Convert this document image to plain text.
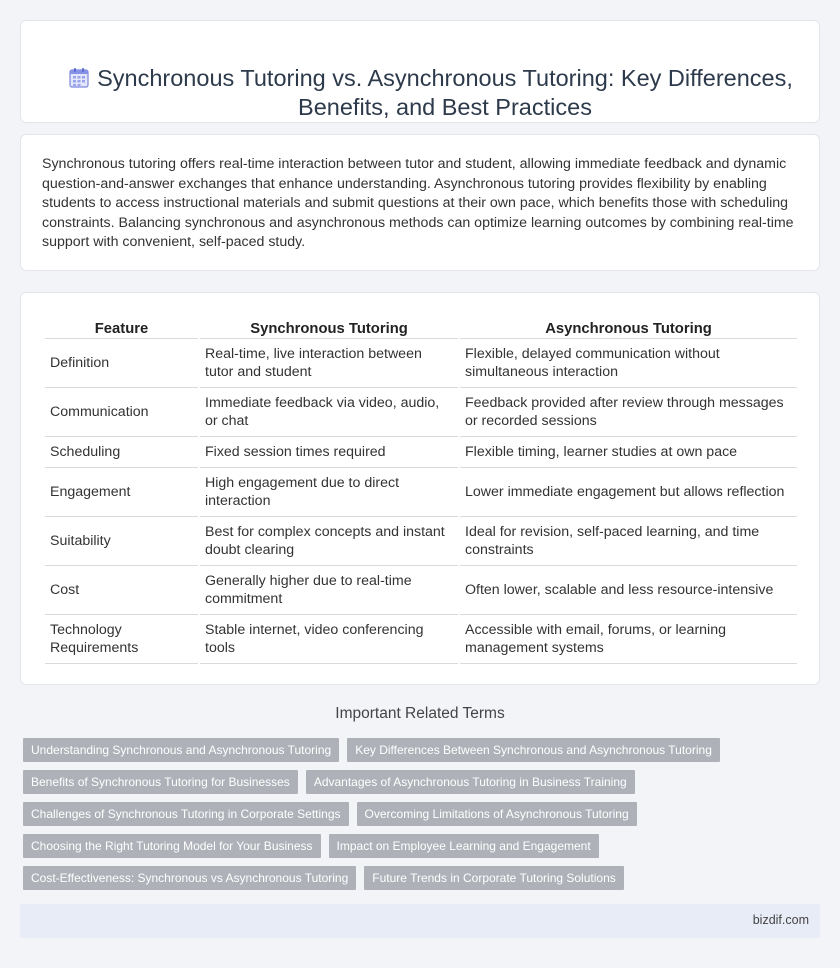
Synchronous Tutoring vs. Asynchronous Tutoring: Key Differences, Benefits, and Best Practices

Synchronous tutoring offers real-time interaction between tutor and student, allowing immediate feedback and dynamic question-and-answer exchanges that enhance understanding. Asynchronous tutoring provides flexibility by enabling students to access instructional materials and submit questions at their own pace, which benefits those with scheduling constraints. Balancing synchronous and asynchronous methods can optimize learning outcomes by combining real-time support with convenient, self-paced study.

Feature	Synchronous Tutoring	Asynchronous Tutoring
Definition	Real-time, live interaction between tutor and student	Flexible, delayed communication without simultaneous interaction
Communication	Immediate feedback via video, audio, or chat	Feedback provided after review through messages or recorded sessions
Scheduling	Fixed session times required	Flexible timing, learner studies at own pace
Engagement	High engagement due to direct interaction	Lower immediate engagement but allows reflection
Suitability	Best for complex concepts and instant doubt clearing	Ideal for revision, self-paced learning, and time constraints
Cost	Generally higher due to real-time commitment	Often lower, scalable and less resource-intensive
Technology Requirements	Stable internet, video conferencing tools	Accessible with email, forums, or learning management systems
Important Related Terms
Understanding Synchronous and Asynchronous Tutoring	Key Differences Between Synchronous and Asynchronous Tutoring
Benefits of Synchronous Tutoring for Businesses	Advantages of Asynchronous Tutoring in Business Training
Challenges of Synchronous Tutoring in Corporate Settings	Overcoming Limitations of Asynchronous Tutoring
Choosing the Right Tutoring Model for Your Business	Impact on Employee Learning and Engagement
Cost-Effectiveness: Synchronous vs Asynchronous Tutoring	Future Trends in Corporate Tutoring Solutions
bizdif.com
